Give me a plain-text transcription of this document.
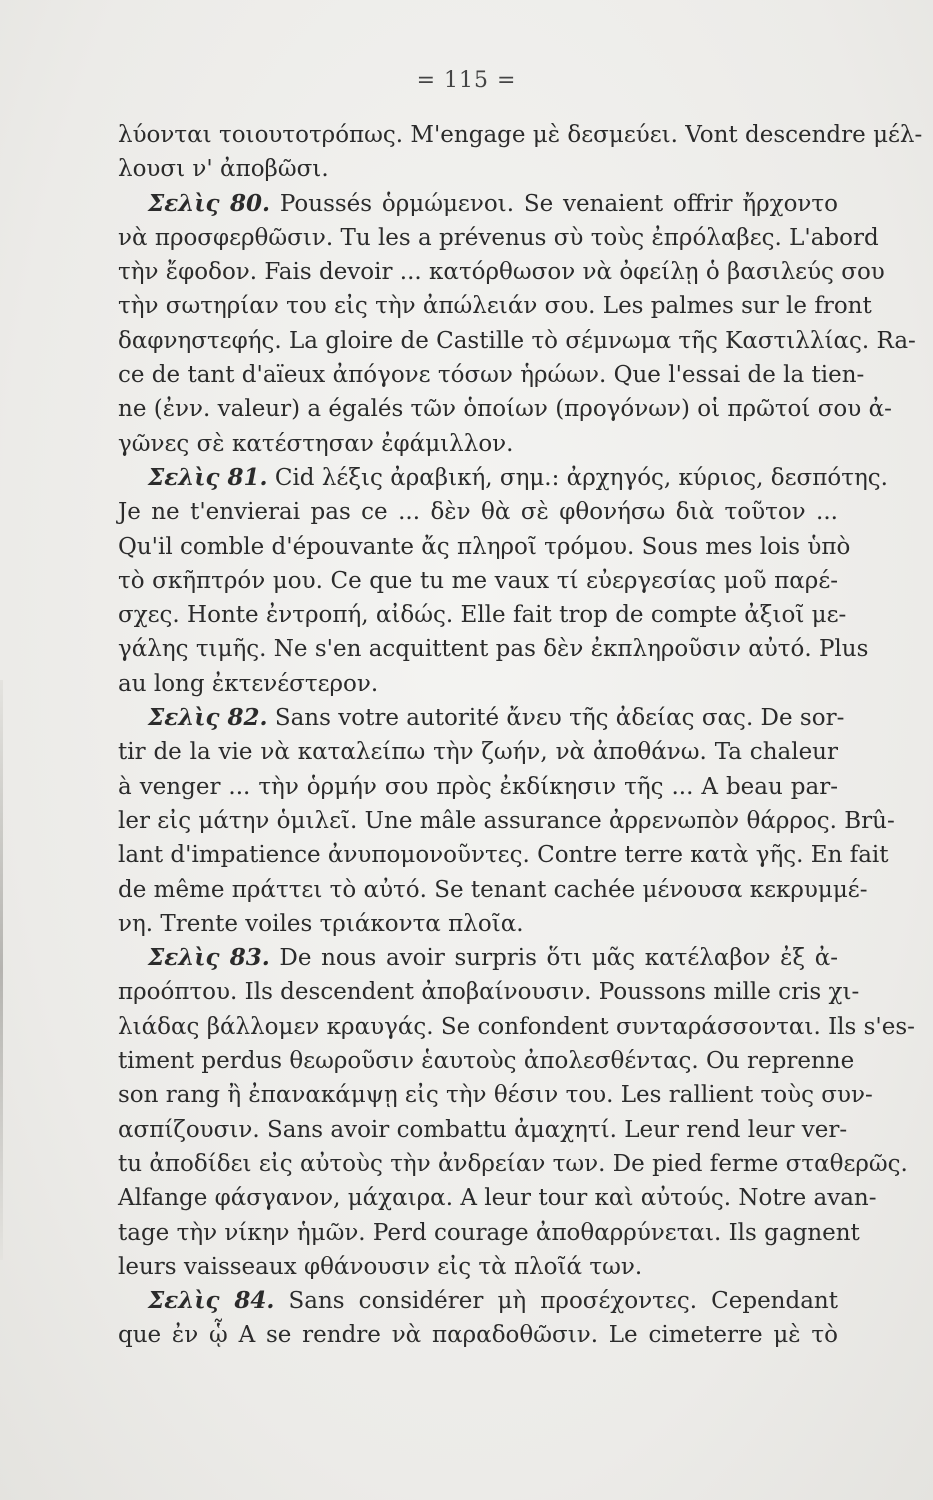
= 115 =
λύονται τοιουτοτρόπως. M'engage μὲ δεσμεύει. Vont descendre μέλ-
λουσι ν' ἀποβῶσι.
Σελὶς 80. Poussés ὁρμώμενοι. Se venaient offrir ἤρχοντο
νὰ προσφερθῶσιν. Tu les a prévenus σὺ τοὺς ἐπρόλαβες. L'abord
τὴν ἔφοδον. Fais devoir ... κατόρθωσον νὰ ὀφείλῃ ὁ βασιλεύς σου
τὴν σωτηρίαν του εἰς τὴν ἀπώλειάν σου. Les palmes sur le front
δαφνηστεφής. La gloire de Castille τὸ σέμνωμα τῆς Καστιλλίας. Ra-
ce de tant d'aïeux ἀπόγονε τόσων ἡρώων. Que l'essai de la tien-
ne (ἐνν. valeur) a égalés τῶν ὁποίων (προγόνων) οἱ πρῶτοί σου ἀ-
γῶνες σὲ κατέστησαν ἐφάμιλλον.
Σελὶς 81. Cid λέξις ἀραβική, σημ.: ἀρχηγός, κύριος, δεσπότης.
Je ne t'envierai pas ce ... δὲν θὰ σὲ φθονήσω διὰ τοῦτον ...
Qu'il comble d'épouvante ἄς πληροῖ τρόμου. Sous mes lois ὑπὸ
τὸ σκῆπτρόν μου. Ce que tu me vaux τί εὐεργεσίας μοῦ παρέ-
σχες. Honte ἐντροπή, αἰδώς. Elle fait trop de compte ἀξιοῖ με-
γάλης τιμῆς. Ne s'en acquittent pas δὲν ἐκπληροῦσιν αὐτό. Plus
au long ἐκτενέστερον.
Σελὶς 82. Sans votre autorité ἄνευ τῆς ἀδείας σας. De sor-
tir de la vie νὰ καταλείπω τὴν ζωήν, νὰ ἀποθάνω. Ta chaleur
à venger ... τὴν ὁρμήν σου πρὸς ἐκδίκησιν τῆς ... A beau par-
ler εἰς μάτην ὁμιλεῖ. Une mâle assurance ἀρρενωπὸν θάρρος. Brû-
lant d'impatience ἀνυπομονοῦντες. Contre terre κατὰ γῆς. En fait
de même πράττει τὸ αὐτό. Se tenant cachée μένουσα κεκρυμμέ-
νη. Trente voiles τριάκοντα πλοῖα.
Σελὶς 83. De nous avoir surpris ὅτι μᾶς κατέλαβον ἐξ ἀ-
προόπτου. Ils descendent ἀποβαίνουσιν. Poussons mille cris χι-
λιάδας βάλλομεν κραυγάς. Se confondent συνταράσσονται. Ils s'es-
timent perdus θεωροῦσιν ἑαυτοὺς ἀπολεσθέντας. Ou reprenne
son rang ἢ ἐπανακάμψῃ εἰς τὴν θέσιν του. Les rallient τοὺς συν-
ασπίζουσιν. Sans avoir combattu ἀμαχητί. Leur rend leur ver-
tu ἀποδίδει εἰς αὐτοὺς τὴν ἀνδρείαν των. De pied ferme σταθερῶς.
Alfange φάσγανον, μάχαιρα. A leur tour καὶ αὐτούς. Notre avan-
tage τὴν νίκην ἡμῶν. Perd courage ἀποθαρρύνεται. Ils gagnent
leurs vaisseaux φθάνουσιν εἰς τὰ πλοῖά των.
Σελὶς 84. Sans considérer μὴ προσέχοντες. Cependant
que ἐν ᾧ A se rendre νὰ παραδοθῶσιν. Le cimeterre μὲ τὸ
